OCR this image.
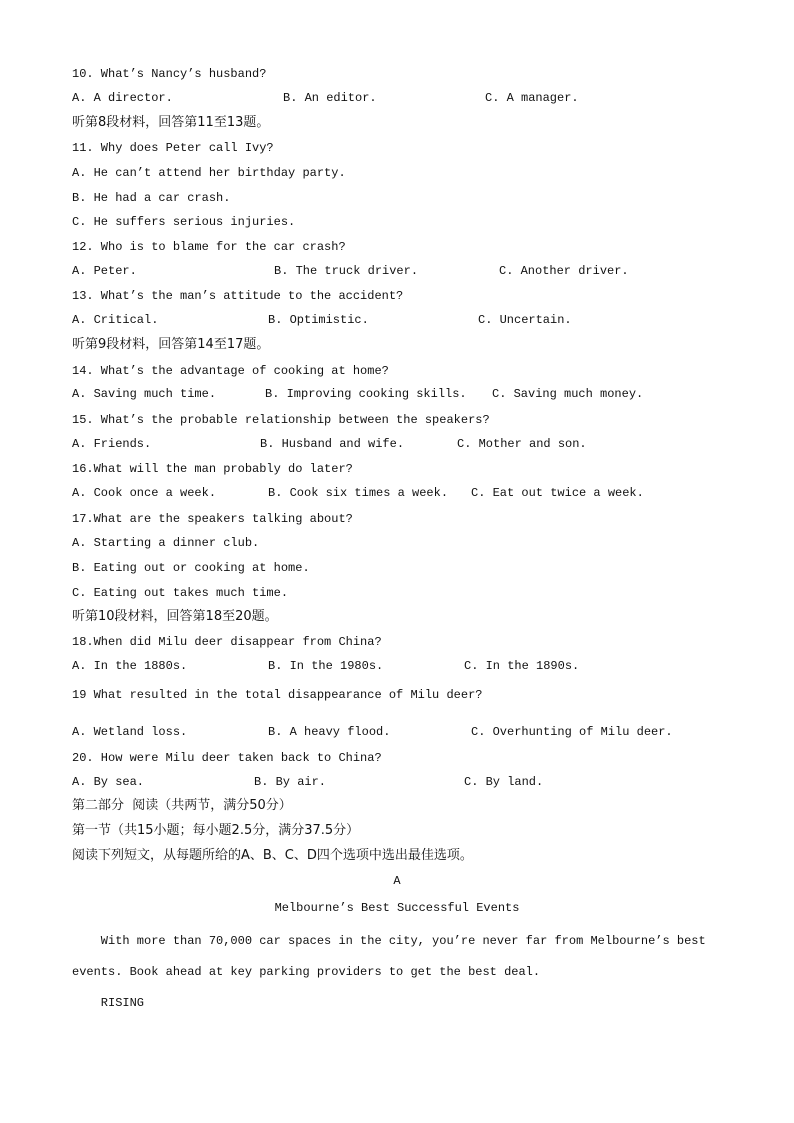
10. What’s Nancy’s husband?
A. A director.	B. An editor.	C. A manager.
听第8段材料，回答第11至13题。
11. Why does Peter call Ivy?
A. He can’t attend her birthday party.
B. He had a car crash.
C. He suffers serious injuries.
12. Who is to blame for the car crash?
A. Peter.	B. The truck driver.	C. Another driver.
13. What’s the man’s attitude to the accident?
A. Critical.	B. Optimistic.	C. Uncertain.
听第9段材料，回答第14至17题。
14. What’s the advantage of cooking at home?
A. Saving much time.	B. Improving cooking skills. C. Saving much money.
15. What’s the probable relationship between the speakers?
A. Friends.	B. Husband and wife.	C. Mother and son.
16.What will the man probably do later?
A. Cook once a week.	B. Cook six times a week. C. Eat out twice a week.
17.What are the speakers talking about?
A. Starting a dinner club.
B. Eating out or cooking at home.
C. Eating out takes much time.
听第10段材料，回答第18至20题。
18.When did Milu deer disappear from China?
A. In the 1880s.	B. In the 1980s.	C. In the 1890s.
19 What resulted in the total disappearance of Milu deer?
A. Wetland loss.	B. A heavy flood.	C. Overhunting of Milu deer.
20. How were Milu deer taken back to China?
A. By sea.	B. By air.	C. By land.
第二部分  阅读（共两节，满分50分）
第一节（共15小题；每小题2.5分，满分37.5分）
阅读下列短文，从每题所给的A、B、C、D四个选项中选出最佳选项。
A
Melbourne’s Best Successful Events
With more than 70,000 car spaces in the city, you’re never far from Melbourne’s best
events. Book ahead at key parking providers to get the best deal.
RISING
